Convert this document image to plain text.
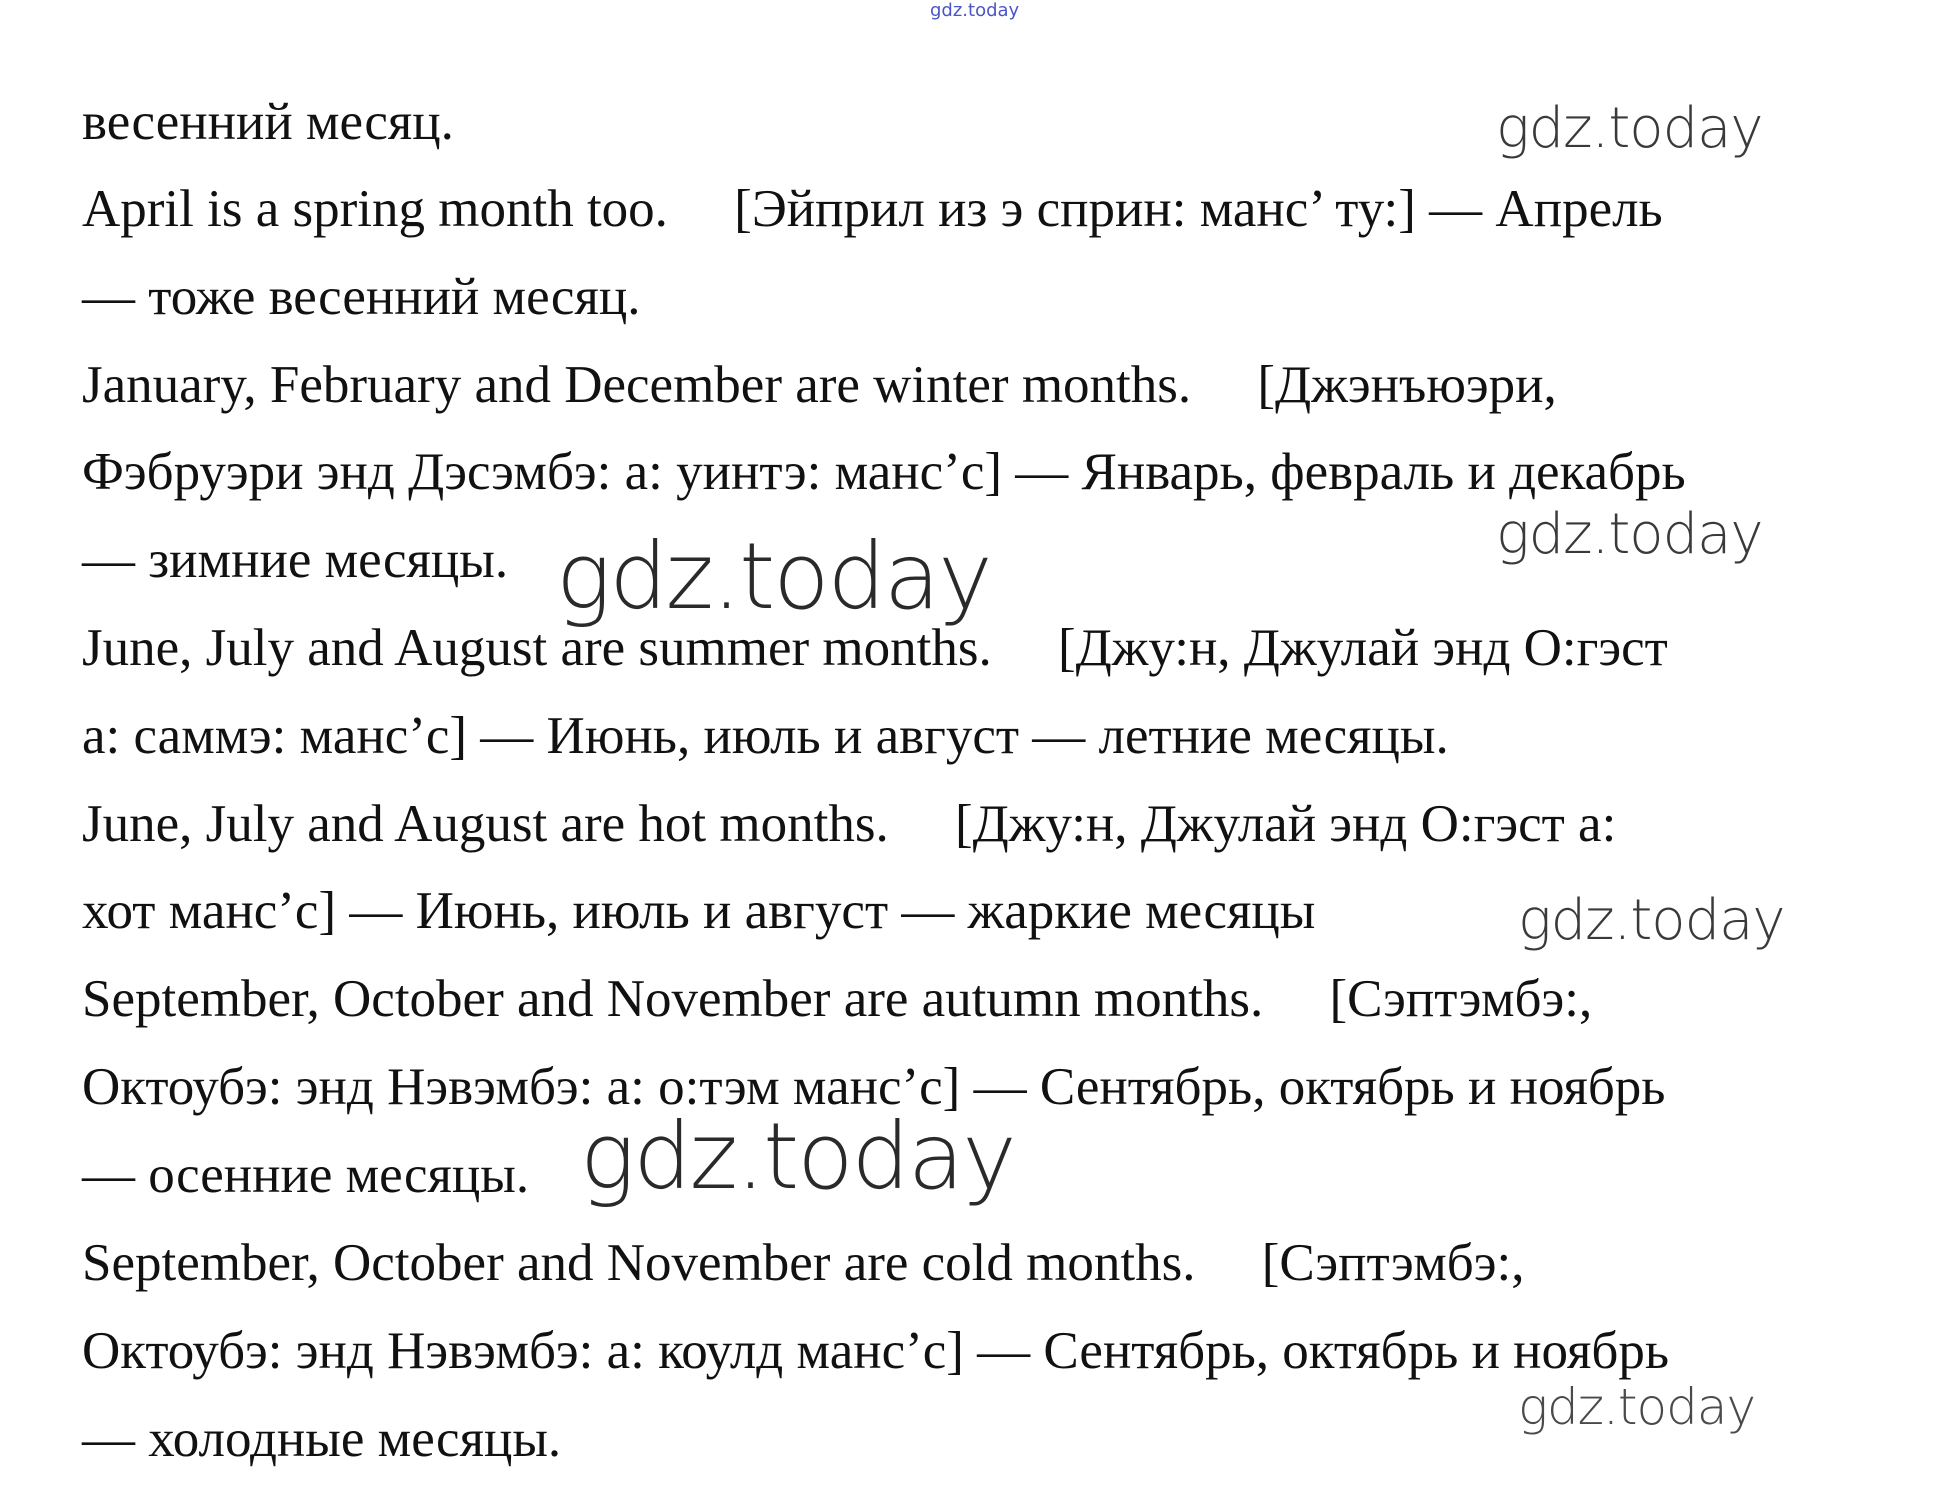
gdz.today
весенний месяц.
April is a spring month too.     [Эйприл из э сприн: манс’ ту:] — Апрель
— тоже весенний месяц.
January, February and December are winter months.     [Джэнъюэри,
Фэбруэри энд Дэсэмбэ: а: уинтэ: манс’с] — Январь, февраль и декабрь
— зимние месяцы.
June, July and August are summer months.     [Джу:н, Джулай энд О:гэст
а: саммэ: манс’с] — Июнь, июль и август — летние месяцы.
June, July and August are hot months.     [Джу:н, Джулай энд О:гэст а:
хот манс’с] — Июнь, июль и август — жаркие месяцы
September, October and November are autumn months.     [Сэптэмбэ:,
Октоубэ: энд Нэвэмбэ: а: о:тэм манс’с] — Сентябрь, октябрь и ноябрь
— осенние месяцы.
September, October and November are cold months.     [Сэптэмбэ:,
Октоубэ: энд Нэвэмбэ: а: коулд манс’с] — Сентябрь, октябрь и ноябрь
— холодные месяцы.
gdz.today
gdz.today
gdz.today
gdz.today
gdz.today
gdz.today
